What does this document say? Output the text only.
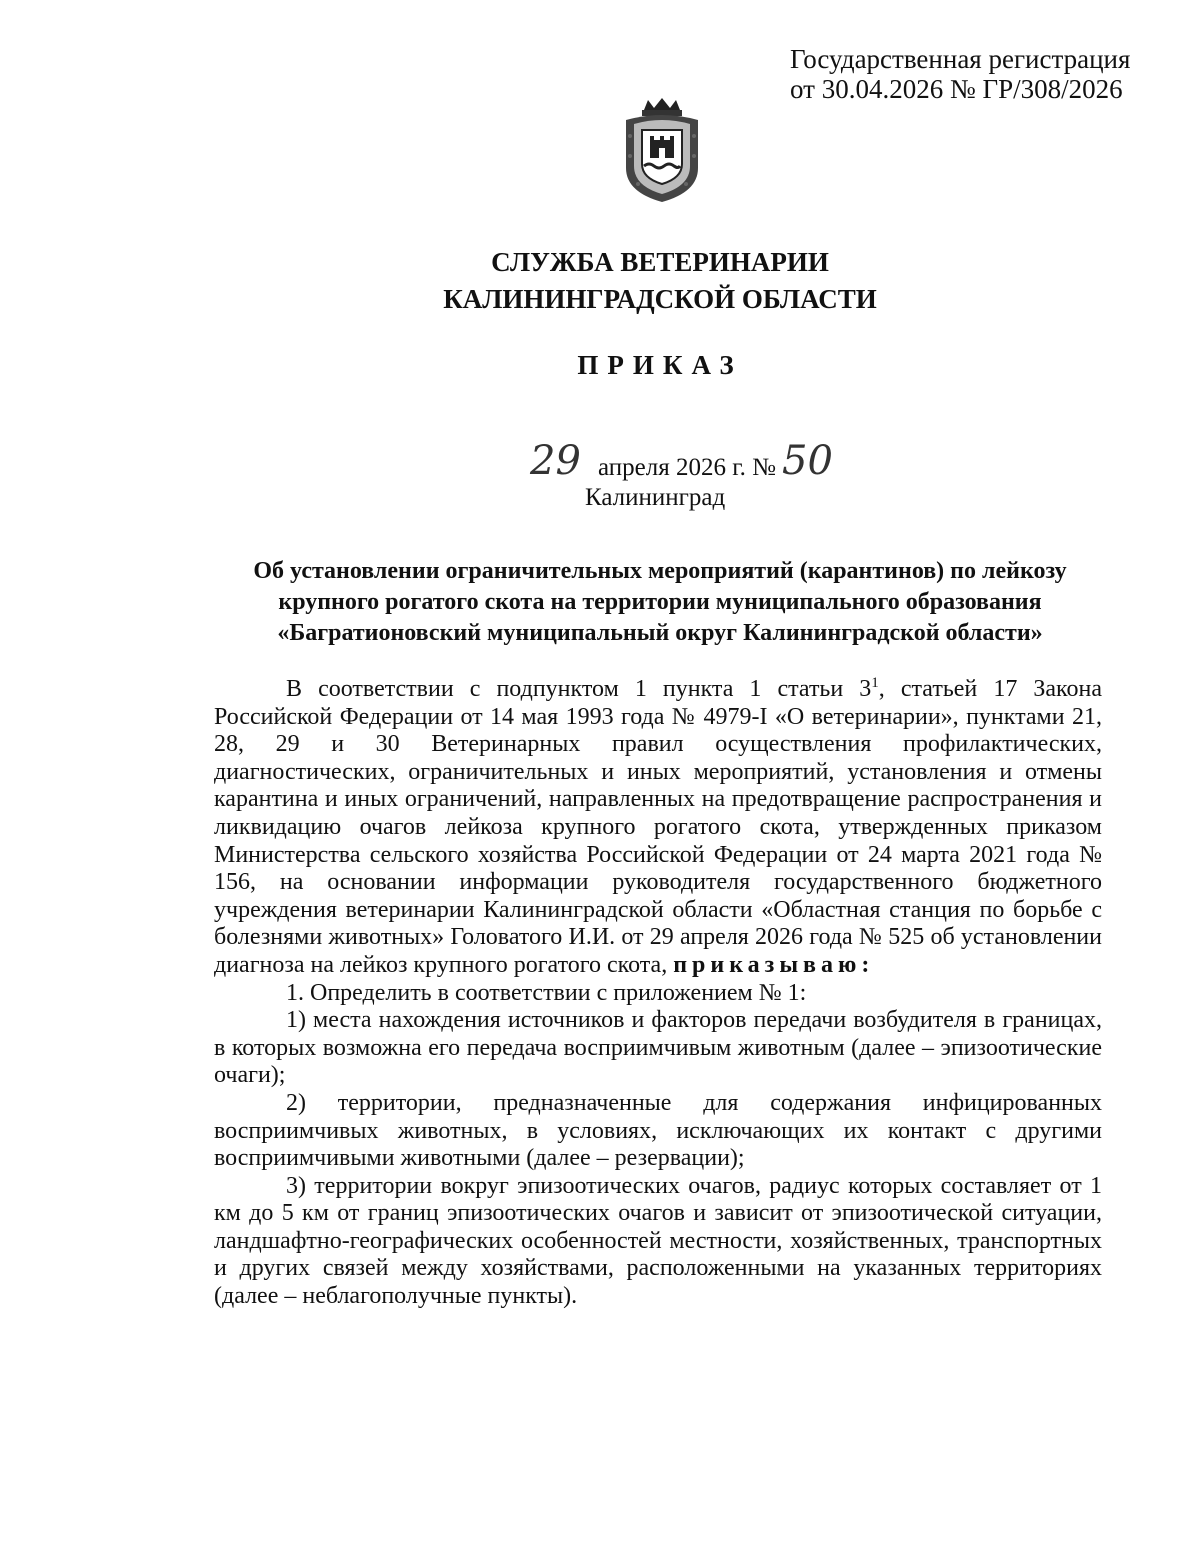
Государственная регистрация
от 30.04.2026 № ГР/308/2026
СЛУЖБА ВЕТЕРИНАРИИ
КАЛИНИНГРАДСКОЙ ОБЛАСТИ
ПРИКАЗ
29 апреля 2026 г. № 50
Калининград
Об установлении ограничительных мероприятий (карантинов) по лейкозу
крупного рогатого скота на территории муниципального образования
«Багратионовский муниципальный округ Калининградской области»

В соответствии с подпунктом 1 пункта 1 статьи $3^1$, статьей 17 Закона Российской Федерации от 14 мая 1993 года № 4979-I «О ветеринарии», пунктами 21, 28, 29 и 30 Ветеринарных правил осуществления профилактических, диагностических, ограничительных и иных мероприятий, установления и отмены карантина и иных ограничений, направленных на предотвращение распространения и ликвидацию очагов лейкоза крупного рогатого скота, утвержденных приказом Министерства сельского хозяйства Российской Федерации от 24 марта 2021 года № 156, на основании информации руководителя государственного бюджетного учреждения ветеринарии Калининградской области «Областная станция по борьбе с болезнями животных» Головатого И.И. от 29 апреля 2026 года № 525 об установлении диагноза на лейкоз крупного рогатого скота, приказываю:

1. Определить в соответствии с приложением № 1:

1) места нахождения источников и факторов передачи возбудителя в границах, в которых возможна его передача восприимчивым животным (далее – эпизоотические очаги);

2) территории, предназначенные для содержания инфицированных восприимчивых животных, в условиях, исключающих их контакт с другими восприимчивыми животными (далее – резервации);

3) территории вокруг эпизоотических очагов, радиус которых составляет от 1 км до 5 км от границ эпизоотических очагов и зависит от эпизоотической ситуации, ландшафтно-географических особенностей местности, хозяйственных, транспортных и других связей между хозяйствами, расположенными на указанных территориях (далее – неблагополучные пункты).
